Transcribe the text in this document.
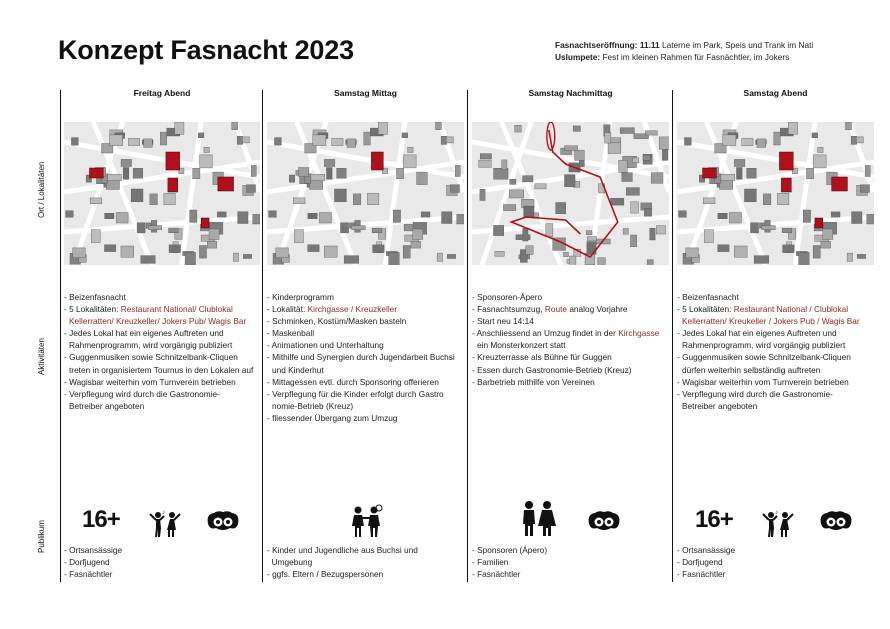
Konzept Fasnacht 2023	Fasnachtseröffnung: 11.11 Laterne im Park, Speis und Trank im Nati
Uslumpete: Fest im kleinen Rahmen für Fasnächtler, im Jokers
Ort / Lokalitäten
Aktivitäten
Publikum
Freitag Abend
- Beizenfasnacht
- 5 Lokalitäten: Restaurant National/ Clublokal
Kellerratten/ Kreuzkeller/ Jokers Pub/ Wagis Bar
- Jedes Lokal hat ein eigenes Auftreten und
Rahmenprogramm, wird vorgängig publiziert
- Guggenmusiken sowie Schnitzelbank-Cliquen
treten in organisiertem Tournus in den Lokalen auf
- Wagisbar weiterhin vom Turnverein betrieben
- Verpflegung wird durch die Gastronomie-
Betreiber angeboten
16+	♪
- Ortsansässige
- Dorfjugend
- Fasnächtler
Samstag Mittag
- Kinderprogramm
- Lokalität: Kirchgasse / Kreuzkeller
- Schminken, Kostüm/Masken basteln
- Maskenball
- Animationen und Unterhaltung
- Mithilfe und Synergien durch Jugendarbeit Buchsi
und Kinderhut
- Mittagessen evtl. durch Sponsoring offerieren
- Verpflegung für die Kinder erfolgt durch Gastro
nomie-Betrieb (Kreuz)
- fliessender Übergang zum Umzug
- Kinder und Jugendliche aus Buchsi und
Umgebung
- ggfs. Eltern / Bezugspersonen
Samstag Nachmittag
- Sponsoren-Ápero
- Fasnachtsumzug, Route analog Vorjahre
- Start neu 14:14
- Anschliessend an Umzug findet in der Kirchgasse
ein Monsterkonzert statt
- Kreuzterrasse als Bühne für Guggen
- Essen durch Gastronomie-Betrieb (Kreuz)
- Barbetrieb mithilfe von Vereinen
- Sponsoren (Ápero)
- Familien
- Fasnächtler
Samstag Abend
- Beizenfasnacht
- 5 Lokalitäten: Restaurant National / Clublokal
Kellerratten/ Kreukeller / Jokers Pub / Wagis Bar
- Jedes Lokal hat ein eigenes Auftreten und
Rahmenprogramm, wird vorgängig publiziert
- Guggenmusiken sowie Schnitzelbank-Cliquen
dürfen weiterhin selbständig auftreten
- Wagisbar weiterhin vom Turnverein betrieben
- Verpflegung wird durch die Gastronomie-
Betreiber angeboten
16+	♪
- Ortsansässige
- Dorfjugend
- Fasnächtler
